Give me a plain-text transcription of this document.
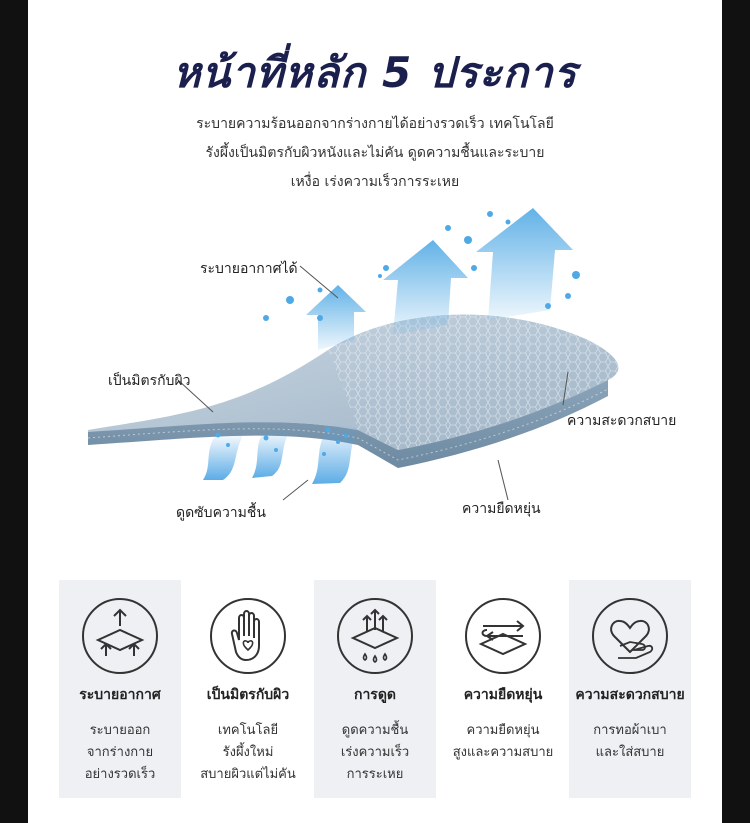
หน้าที่หลัก 5 ประการ
ระบายความร้อนออกจากร่างกายได้อย่างรวดเร็ว เทคโนโลยี
รังผึ้งเป็นมิตรกับผิวหนังและไม่คัน ดูดความชื้นและระบาย
เหงื่อ เร่งความเร็วการระเหย
ระบายอากาศได้
เป็นมิตรกับผิว
ความสะดวกสบาย
ดูดซับความชื้น	ความยืดหยุ่น
ระบายอากาศ
ระบายออก
จากร่างกาย
อย่างรวดเร็ว
เป็นมิตรกับผิว
เทคโนโลยี
รังผึ้งใหม่
สบายผิวแต่ไม่คัน
การดูด
ดูดความชื้น
เร่งความเร็ว
การระเหย
ความยืดหยุ่น
ความยืดหยุ่น
สูงและความสบาย
ความสะดวกสบาย
การทอผ้าเบา
และใส่สบาย
